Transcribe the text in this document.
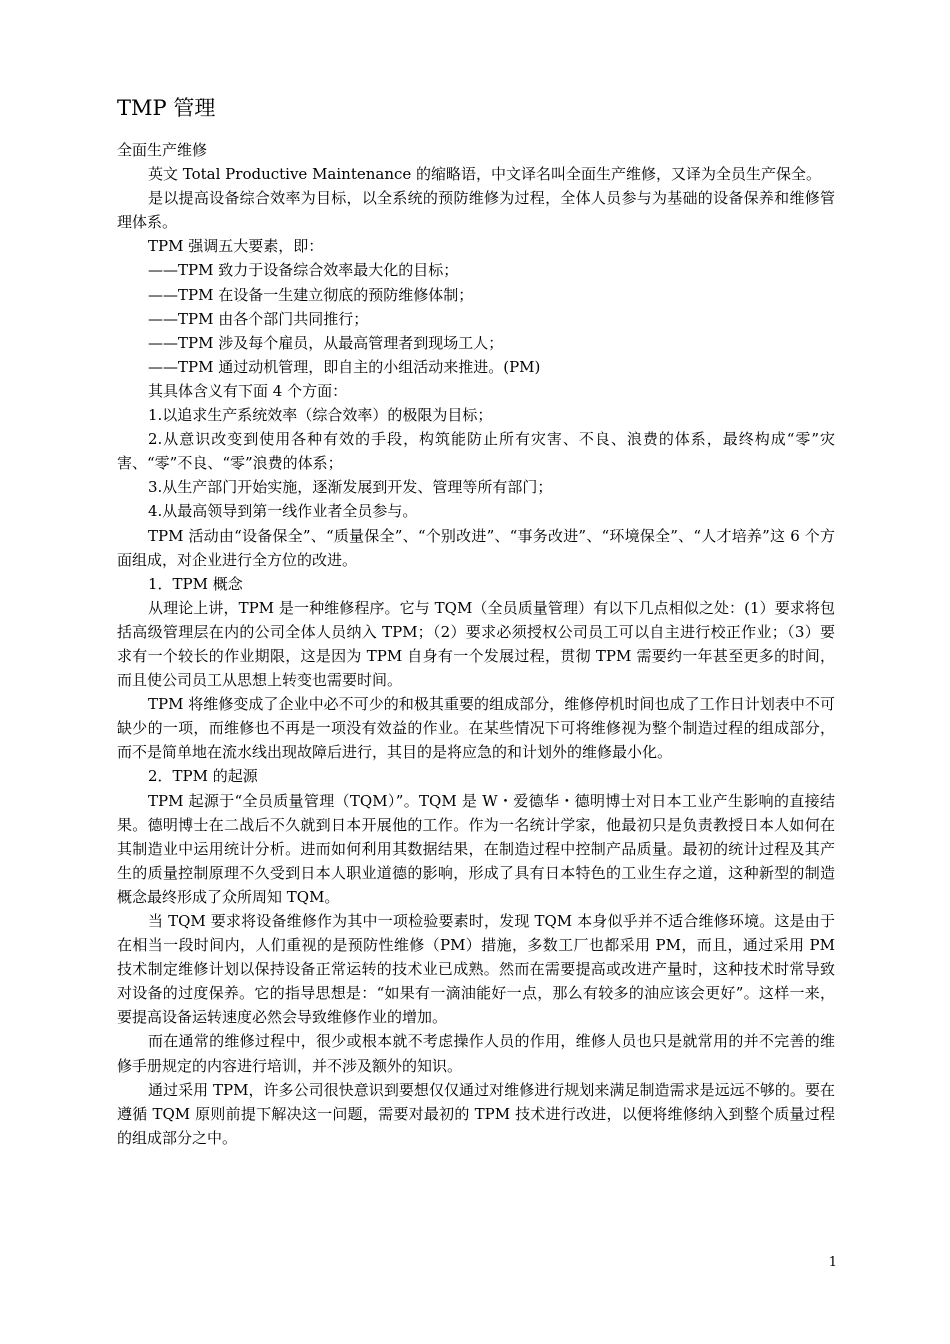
TMP 管理

全面生产维修

英文 Total Productive Maintenance 的缩略语，中文译名叫全面生产维修，又译为全员生产保全。

是以提高设备综合效率为目标，以全系统的预防维修为过程，全体人员参与为基础的设备保养和维修管理体系。

TPM 强调五大要素，即：

——TPM 致力于设备综合效率最大化的目标；

——TPM 在设备一生建立彻底的预防维修体制；

——TPM 由各个部门共同推行；

——TPM 涉及每个雇员，从最高管理者到现场工人；

——TPM 通过动机管理，即自主的小组活动来推进。(PM)

其具体含义有下面 4 个方面：

1.以追求生产系统效率（综合效率）的极限为目标；

2.从意识改变到使用各种有效的手段，构筑能防止所有灾害、不良、浪费的体系，最终构成“零”灾害、“零”不良、“零”浪费的体系；

3.从生产部门开始实施，逐渐发展到开发、管理等所有部门；

4.从最高领导到第一线作业者全员参与。

TPM 活动由“设备保全”、“质量保全”、“个别改进”、“事务改进”、“环境保全”、“人才培养”这 6 个方面组成，对企业进行全方位的改进。

1．TPM 概念

从理论上讲，TPM 是一种维修程序。它与 TQM（全员质量管理）有以下几点相似之处：(1）要求将包括高级管理层在内的公司全体人员纳入 TPM；（2）要求必须授权公司员工可以自主进行校正作业；（3）要求有一个较长的作业期限，这是因为 TPM 自身有一个发展过程，贯彻 TPM 需要约一年甚至更多的时间，而且使公司员工从思想上转变也需要时间。

TPM 将维修变成了企业中必不可少的和极其重要的组成部分，维修停机时间也成了工作日计划表中不可缺少的一项，而维修也不再是一项没有效益的作业。在某些情况下可将维修视为整个制造过程的组成部分，而不是简单地在流水线出现故障后进行，其目的是将应急的和计划外的维修最小化。

2．TPM 的起源

TPM 起源于“全员质量管理（TQM）”。TQM 是 W・爱德华・德明博士对日本工业产生影响的直接结果。德明博士在二战后不久就到日本开展他的工作。作为一名统计学家，他最初只是负责教授日本人如何在其制造业中运用统计分析。进而如何利用其数据结果，在制造过程中控制产品质量。最初的统计过程及其产生的质量控制原理不久受到日本人职业道德的影响，形成了具有日本特色的工业生存之道，这种新型的制造概念最终形成了众所周知 TQM。

当 TQM 要求将设备维修作为其中一项检验要素时，发现 TQM 本身似乎并不适合维修环境。这是由于在相当一段时间内，人们重视的是预防性维修（PM）措施，多数工厂也都采用 PM，而且，通过采用 PM 技术制定维修计划以保持设备正常运转的技术业已成熟。然而在需要提高或改进产量时，这种技术时常导致对设备的过度保养。它的指导思想是：“如果有一滴油能好一点，那么有较多的油应该会更好”。这样一来，要提高设备运转速度必然会导致维修作业的增加。

而在通常的维修过程中，很少或根本就不考虑操作人员的作用，维修人员也只是就常用的并不完善的维修手册规定的内容进行培训，并不涉及额外的知识。

通过采用 TPM，许多公司很快意识到要想仅仅通过对维修进行规划来满足制造需求是远远不够的。要在遵循 TQM 原则前提下解决这一问题，需要对最初的 TPM 技术进行改进，以便将维修纳入到整个质量过程的组成部分之中。

1
